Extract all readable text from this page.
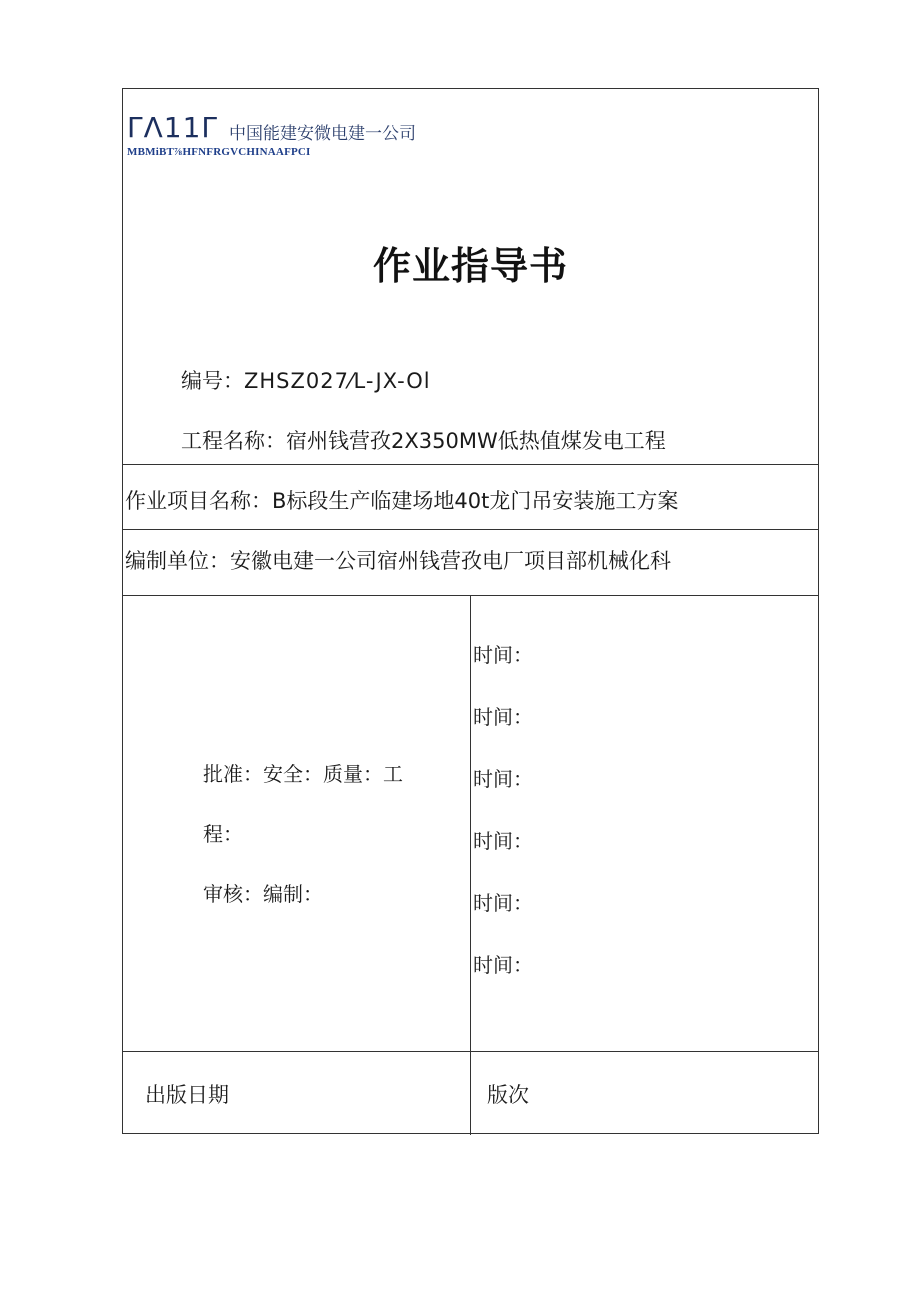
ΓΛ11Γ 中国能建安微电建一公司
MBMiBT⅞HFNFRGVCHINAAFPCI
作业指导书
编号：ZHSZ027⁄L-JX-Ol
工程名称：宿州钱营孜2X350MW低热值煤发电工程
作业项目名称：B标段生产临建场地40t龙门吊安装施工方案
编制单位：安徽电建一公司宿州钱营孜电厂项目部机械化科
批准：安全：质量：工
程：
审核：编制：
时间：
时间：
时间：
时间：
时间：
时间：
出版日期	版次
